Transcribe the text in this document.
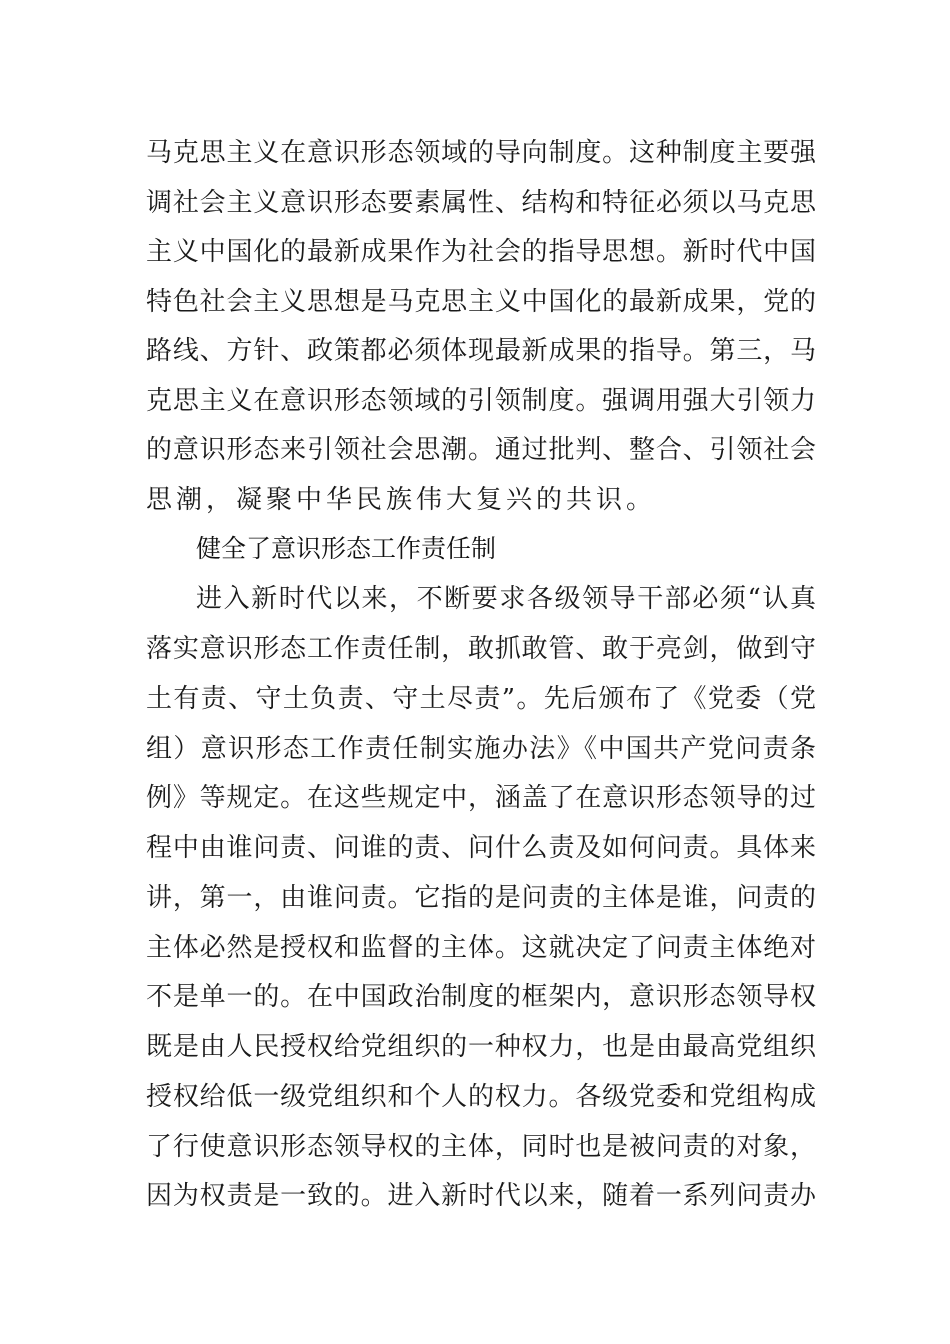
马克思主义在意识形态领域的导向制度。这种制度主要强
调社会主义意识形态要素属性、结构和特征必须以马克思
主义中国化的最新成果作为社会的指导思想。新时代中国
特色社会主义思想是马克思主义中国化的最新成果，党的
路线、方针、政策都必须体现最新成果的指导。第三，马
克思主义在意识形态领域的引领制度。强调用强大引领力
的意识形态来引领社会思潮。通过批判、整合、引领社会
思潮，凝聚中华民族伟大复兴的共识。
健全了意识形态工作责任制
进入新时代以来，不断要求各级领导干部必须“认真
落实意识形态工作责任制，敢抓敢管、敢于亮剑，做到守
土有责、守土负责、守土尽责”。先后颁布了《党委（党
组）意识形态工作责任制实施办法》《中国共产党问责条
例》等规定。在这些规定中，涵盖了在意识形态领导的过
程中由谁问责、问谁的责、问什么责及如何问责。具体来
讲，第一，由谁问责。它指的是问责的主体是谁，问责的
主体必然是授权和监督的主体。这就决定了问责主体绝对
不是单一的。在中国政治制度的框架内，意识形态领导权
既是由人民授权给党组织的一种权力，也是由最高党组织
授权给低一级党组织和个人的权力。各级党委和党组构成
了行使意识形态领导权的主体，同时也是被问责的对象，
因为权责是一致的。进入新时代以来，随着一系列问责办
